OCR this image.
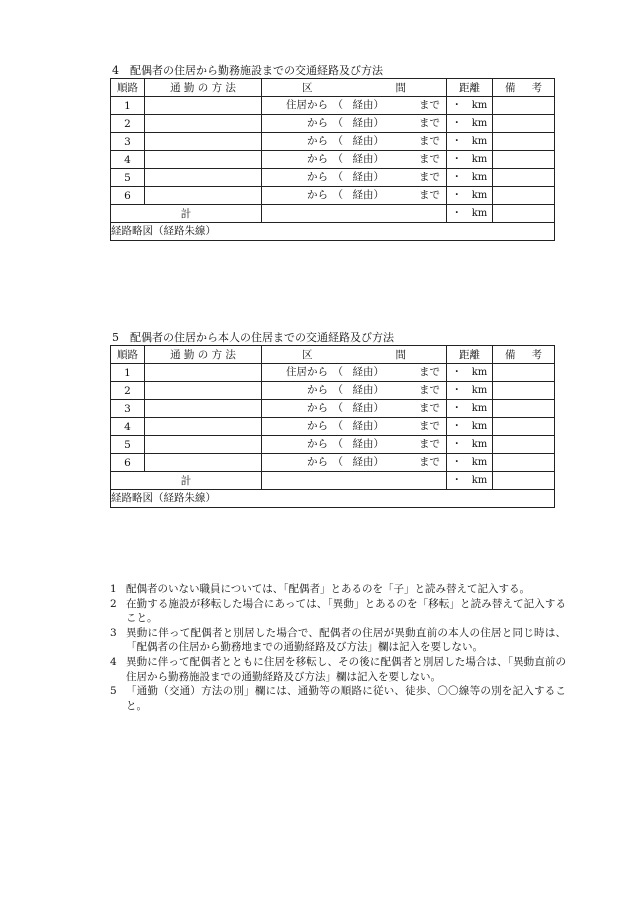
4　配偶者の住居から勤務施設までの交通経路及び方法
順路	通 勤 の 方 法	区 間	距 離	備 考

1		住居から （ 経由） まで	・ km	
2		から （ 経由） まで	・ km	
3		から （ 経由） まで	・ km	
4		から （ 経由） まで	・ km	
5		から （ 経由） まで	・ km	
6		から （ 経由） まで	・ km	
計			・ km	
経路略図（経路朱線）				
5　配偶者の住居から本人の住居までの交通経路及び方法
順路	通 勤 の 方 法	区 間	距 離	備 考

1		住居から （ 経由） まで	・ km	
2		から （ 経由） まで	・ km	
3		から （ 経由） まで	・ km	
4		から （ 経由） まで	・ km	
5		から （ 経由） まで	・ km	
6		から （ 経由） まで	・ km	
計			・ km	
経路略図（経路朱線）				
1 配偶者のいない職員については、「配偶者」とあるのを「子」と読み替えて記入する。
2 在勤する施設が移転した場合にあっては、「異動」とあるのを「移転」と読み替えて記入すること。
3 異動に伴って配偶者と別居した場合で、配偶者の住居が異動直前の本人の住居と同じ時は、「配偶者の住居から勤務地までの通勤経路及び方法」欄は記入を要しない。
4 異動に伴って配偶者とともに住居を移転し、その後に配偶者と別居した場合は、「異動直前の住居から勤務施設までの通勤経路及び方法」欄は記入を要しない。
5 「通勤（交通）方法の別」欄には、通勤等の順路に従い、徒歩、〇〇線等の別を記入すること。
